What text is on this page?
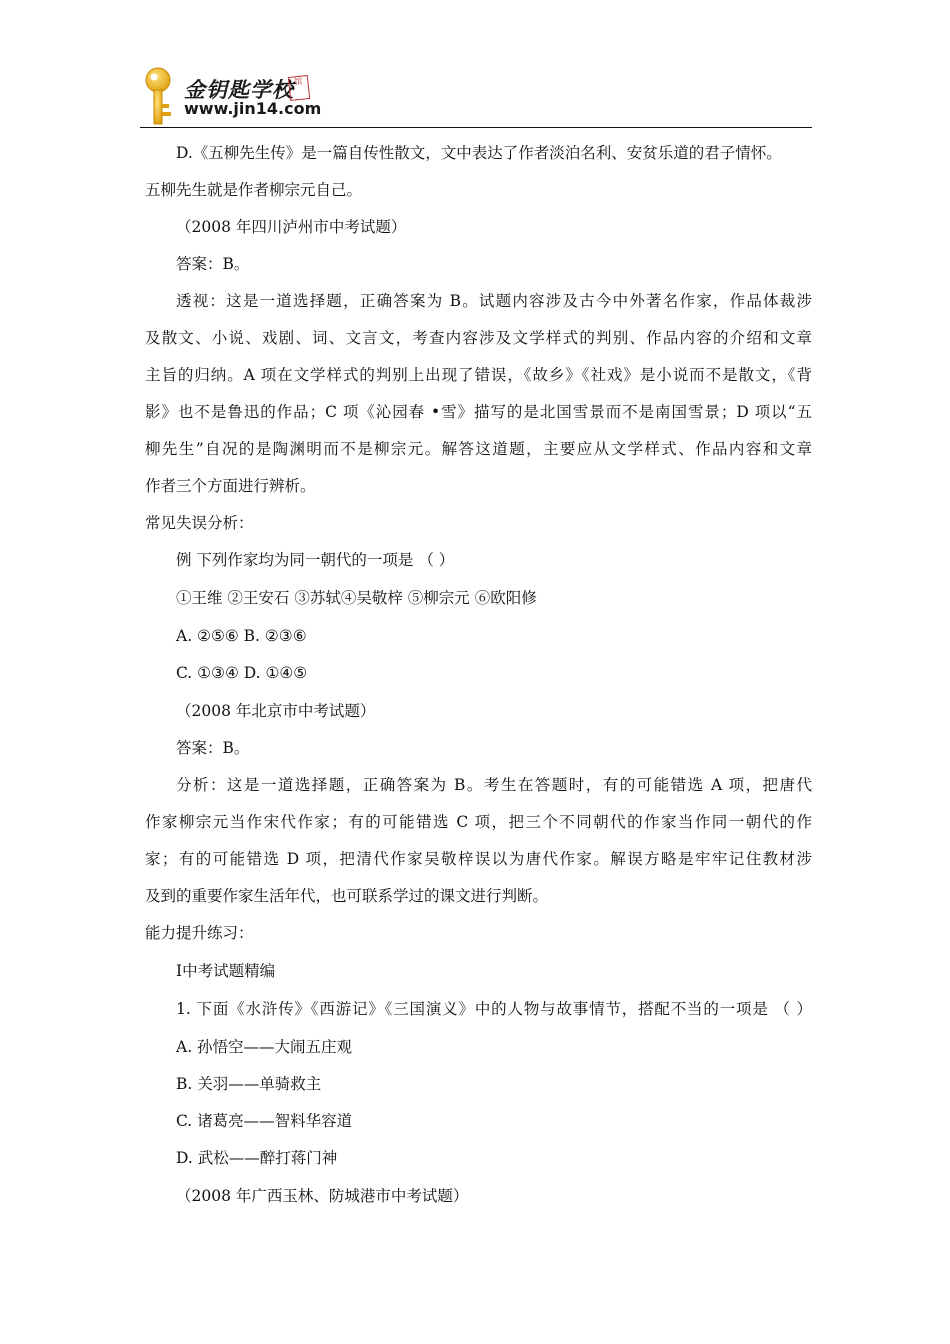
金钥匙学校 馆
www.jin14.com
D.《五柳先生传》是一篇自传性散文，文中表达了作者淡泊名利、安贫乐道的君子情怀。
五柳先生就是作者柳宗元自己。
（2008 年四川泸州市中考试题）
答案：B。
透视：这是一道选择题，正确答案为 B。试题内容涉及古今中外著名作家，作品体裁涉
及散文、小说、戏剧、词、文言文，考查内容涉及文学样式的判别、作品内容的介绍和文章
主旨的归纳。A 项在文学样式的判别上出现了错误，《故乡》《社戏》是小说而不是散文，《背
影》也不是鲁迅的作品；C 项《沁园春 •雪》描写的是北国雪景而不是南国雪景；D 项以“五
柳先生”自况的是陶渊明而不是柳宗元。解答这道题，主要应从文学样式、作品内容和文章
作者三个方面进行辨析。
常见失误分析：
例 下列作家均为同一朝代的一项是 （ ）
①王维 ②王安石 ③苏轼④吴敬梓 ⑤柳宗元 ⑥欧阳修
A. ②⑤⑥ B. ②③⑥
C. ①③④ D. ①④⑤
（2008 年北京市中考试题）
答案：B。
分析：这是一道选择题，正确答案为 B。考生在答题时，有的可能错选 A 项，把唐代
作家柳宗元当作宋代作家；有的可能错选 C 项，把三个不同朝代的作家当作同一朝代的作
家；有的可能错选 D 项，把清代作家吴敬梓误以为唐代作家。解误方略是牢牢记住教材涉
及到的重要作家生活年代，也可联系学过的课文进行判断。
能力提升练习：
Ⅰ中考试题精编
1. 下面《水浒传》《西游记》《三国演义》中的人物与故事情节，搭配不当的一项是 （ ）
A. 孙悟空——大闹五庄观
B. 关羽——单骑救主
C. 诸葛亮——智料华容道
D. 武松——醉打蒋门神
（2008 年广西玉林、防城港市中考试题）
